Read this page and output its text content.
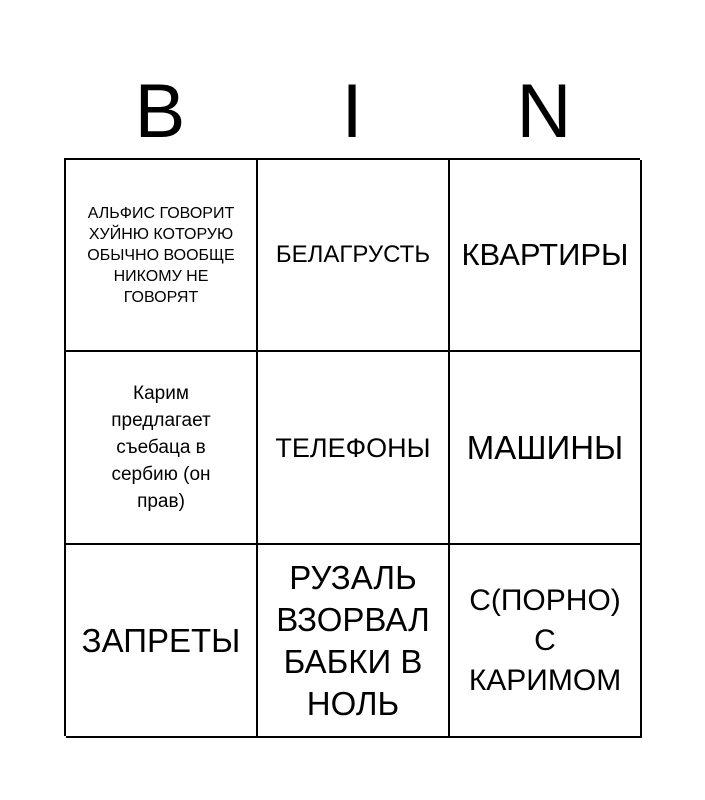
B	I	N
АЛЬФИС ГОВОРИТ ХУЙНЮ КОТОРУЮ ОБЫЧНО ВООБЩЕ НИКОМУ НЕ ГОВОРЯТ
БЕЛАГРУСТЬ КВАРТИРЫ
Карим предлагает съебаца в сербию (он прав)
ТЕЛЕФОНЫ МАШИНЫ
ЗАПРЕТЫ
РУЗАЛЬ ВЗОРВАЛ БАБКИ В НОЛЬ
С(ПОРНО) С КАРИМОМ
